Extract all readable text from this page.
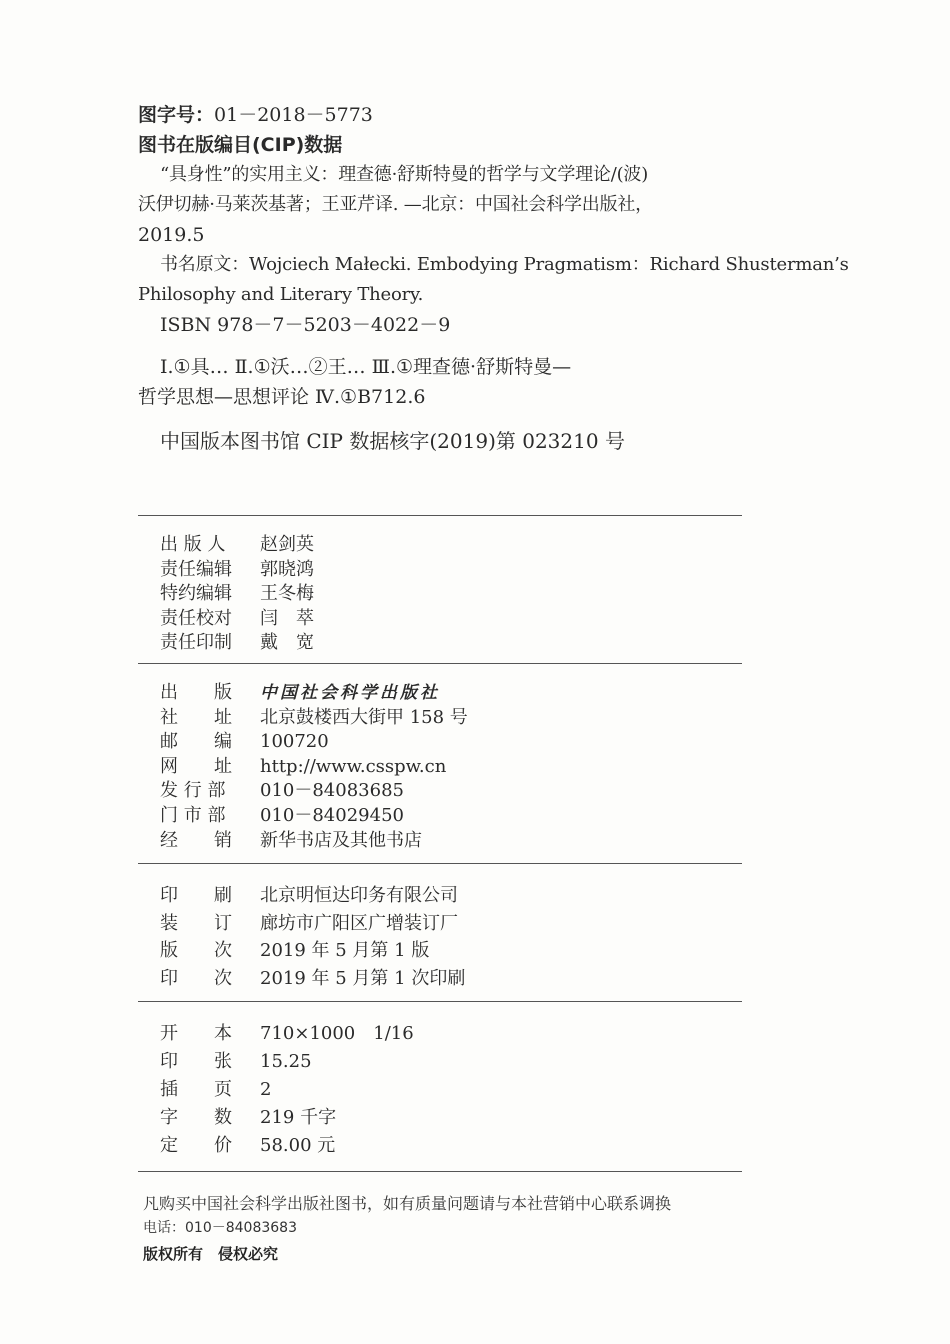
图字号：01－2018－5773
图书在版编目(CIP)数据
“具身性”的实用主义：理查德·舒斯特曼的哲学与文学理论/(波)
沃伊切赫·马莱茨基著；王亚芹译. —北京：中国社会科学出版社，
2019.5
书名原文：Wojciech Małecki. Embodying Pragmatism：Richard Shusterman’s
Philosophy and Literary Theory.
ISBN 978－7－5203－4022－9
Ⅰ.①具… Ⅱ.①沃…②王… Ⅲ.①理查德·舒斯特曼—
哲学思想—思想评论 Ⅳ.①B712.6
中国版本图书馆 CIP 数据核字(2019)第 023210 号
出 版 人	赵剑英
责任编辑	郭晓鸿
特约编辑	王冬梅
责任校对	闫　萃
责任印制	戴　宽
出　　版	中国社会科学出版社
社　　址	北京鼓楼西大街甲 158 号
邮　　编	100720
网　　址	http://www.csspw.cn
发 行 部	010－84083685
门 市 部	010－84029450
经　　销	新华书店及其他书店
印　　刷	北京明恒达印务有限公司
装　　订	廊坊市广阳区广增装订厂
版　　次	2019 年 5 月第 1 版
印　　次	2019 年 5 月第 1 次印刷
开　　本	710×1000　1/16
印　　张	15.25
插　　页	2
字　　数	219 千字
定　　价	58.00 元
凡购买中国社会科学出版社图书，如有质量问题请与本社营销中心联系调换
电话：010－84083683
版权所有　侵权必究
